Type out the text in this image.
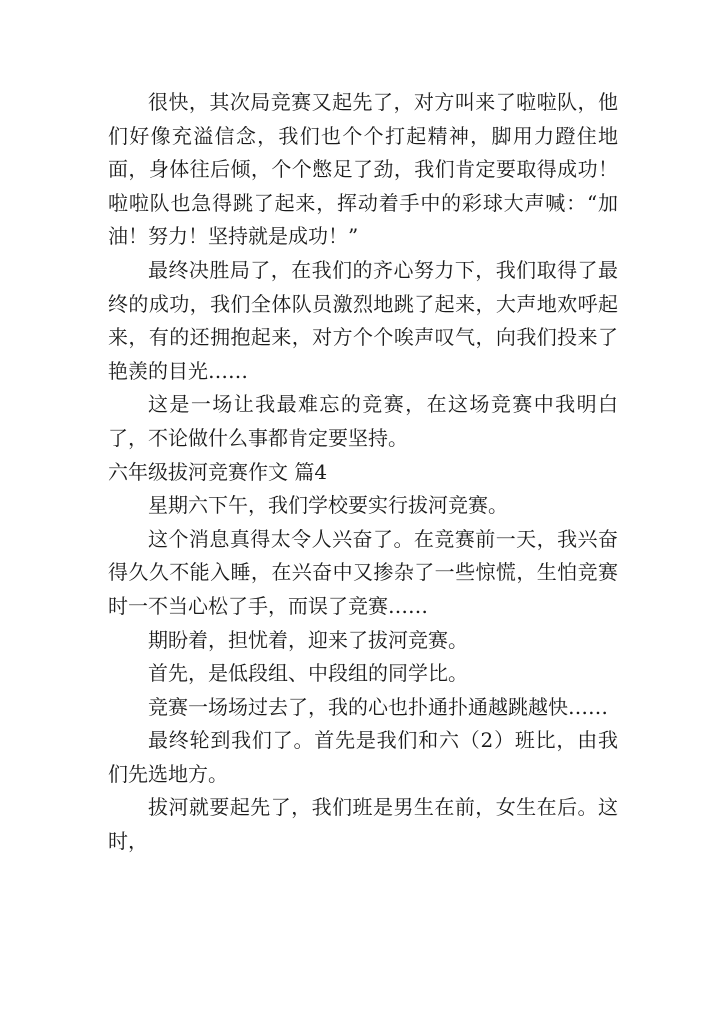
很快，其次局竞赛又起先了，对方叫来了啦啦队，他们好像充溢信念，我们也个个打起精神，脚用力蹬住地面，身体往后倾，个个憋足了劲，我们肯定要取得成功！啦啦队也急得跳了起来，挥动着手中的彩球大声喊：“加油！努力！坚持就是成功！”

最终决胜局了，在我们的齐心努力下，我们取得了最终的成功，我们全体队员激烈地跳了起来，大声地欢呼起来，有的还拥抱起来，对方个个唉声叹气，向我们投来了艳羡的目光……

这是一场让我最难忘的竞赛，在这场竞赛中我明白了，不论做什么事都肯定要坚持。

六年级拔河竞赛作文 篇4

星期六下午，我们学校要实行拔河竞赛。

这个消息真得太令人兴奋了。在竞赛前一天，我兴奋得久久不能入睡，在兴奋中又掺杂了一些惊慌，生怕竞赛时一不当心松了手，而误了竞赛……

期盼着，担忧着，迎来了拔河竞赛。

首先，是低段组、中段组的同学比。

竞赛一场场过去了，我的心也扑通扑通越跳越快……

最终轮到我们了。首先是我们和六（2）班比，由我们先选地方。

拔河就要起先了，我们班是男生在前，女生在后。这时，
